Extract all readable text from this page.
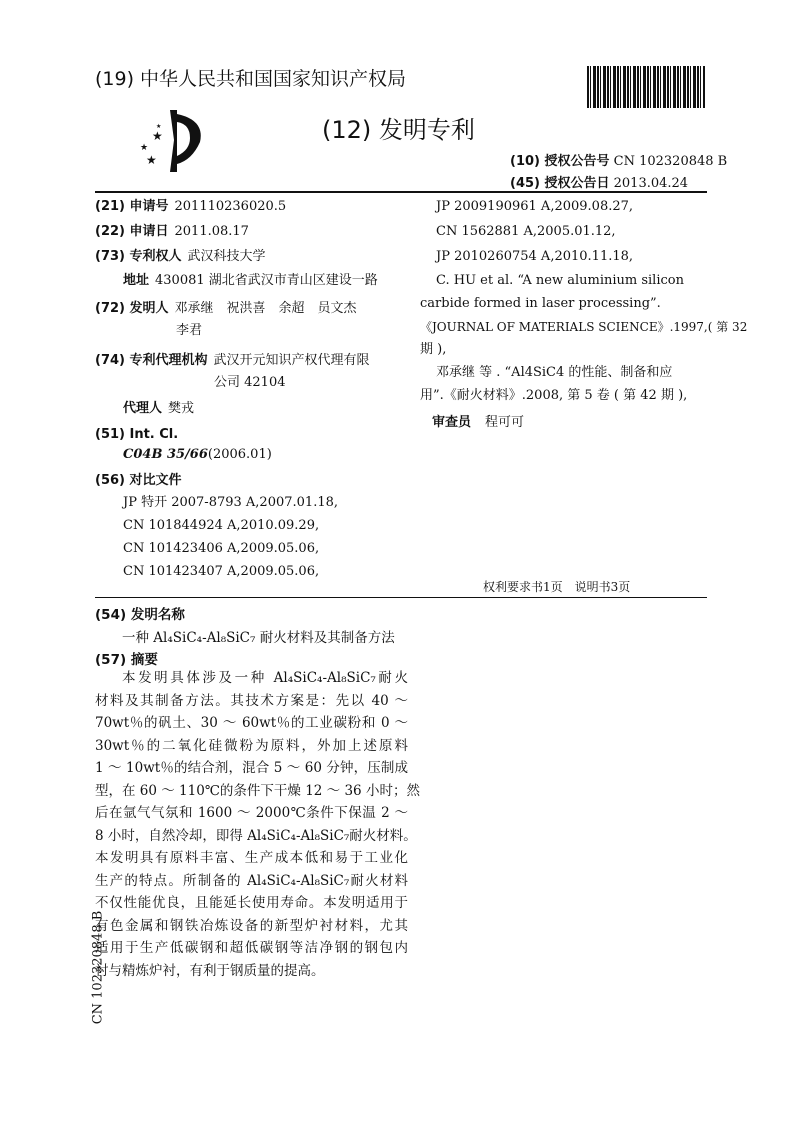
(19) 中华人民共和国国家知识产权局
★
★
★
★	(12) 发明专利
(10) 授权公告号 CN 102320848 B
(45) 授权公告日 2013.04.24
(21) 申请号 201110236020.5
(22) 申请日 2011.08.17
(73) 专利权人 武汉科技大学
地址 430081 湖北省武汉市青山区建设一路
(72) 发明人 邓承继　祝洪喜　余超　员文杰
李君
(74) 专利代理机构 武汉开元知识产权代理有限
公司 42104
代理人 樊戎
(51) Int. Cl.
C04B 35/66(2006.01)
(56) 对比文件
JP 特开 2007-8793 A,2007.01.18,
CN 101844924 A,2010.09.29,
CN 101423406 A,2009.05.06,
CN 101423407 A,2009.05.06,
JP 2009190961 A,2009.08.27,
CN 1562881 A,2005.01.12,
JP 2010260754 A,2010.11.18,
C. HU et al. “A new aluminium silicon
carbide formed in laser processing”.
《JOURNAL OF MATERIALS SCIENCE》.1997,( 第 32
期 ),
邓承继 等 . “Al4SiC4 的性能、制备和应
用”.《耐火材料》.2008, 第 5 卷 ( 第 42 期 ),
审查员 程可可
权利要求书1页　说明书3页
(54) 发明名称
一种 Al₄SiC₄-Al₈SiC₇ 耐火材料及其制备方法
(57) 摘要
本发明具体涉及一种 Al₄SiC₄-Al₈SiC₇耐火
材料及其制备方法。其技术方案是：先以 40 ～
70wt％的矾土、30 ～ 60wt％的工业碳粉和 0 ～
30wt％的二氧化硅微粉为原料，外加上述原料
1 ～ 10wt％的结合剂，混合 5 ～ 60 分钟，压制成
型，在 60 ～ 110℃的条件下干燥 12 ～ 36 小时；然
后在氩气气氛和 1600 ～ 2000℃条件下保温 2 ～
8 小时，自然冷却，即得 Al₄SiC₄-Al₈SiC₇耐火材料。
本发明具有原料丰富、生产成本低和易于工业化
生产的特点。所制备的 Al₄SiC₄-Al₈SiC₇耐火材料
不仅性能优良，且能延长使用寿命。本发明适用于
有色金属和钢铁冶炼设备的新型炉衬材料，尤其
适用于生产低碳钢和超低碳钢等洁净钢的钢包内
衬与精炼炉衬，有利于钢质量的提高。
CN 102320848 B
